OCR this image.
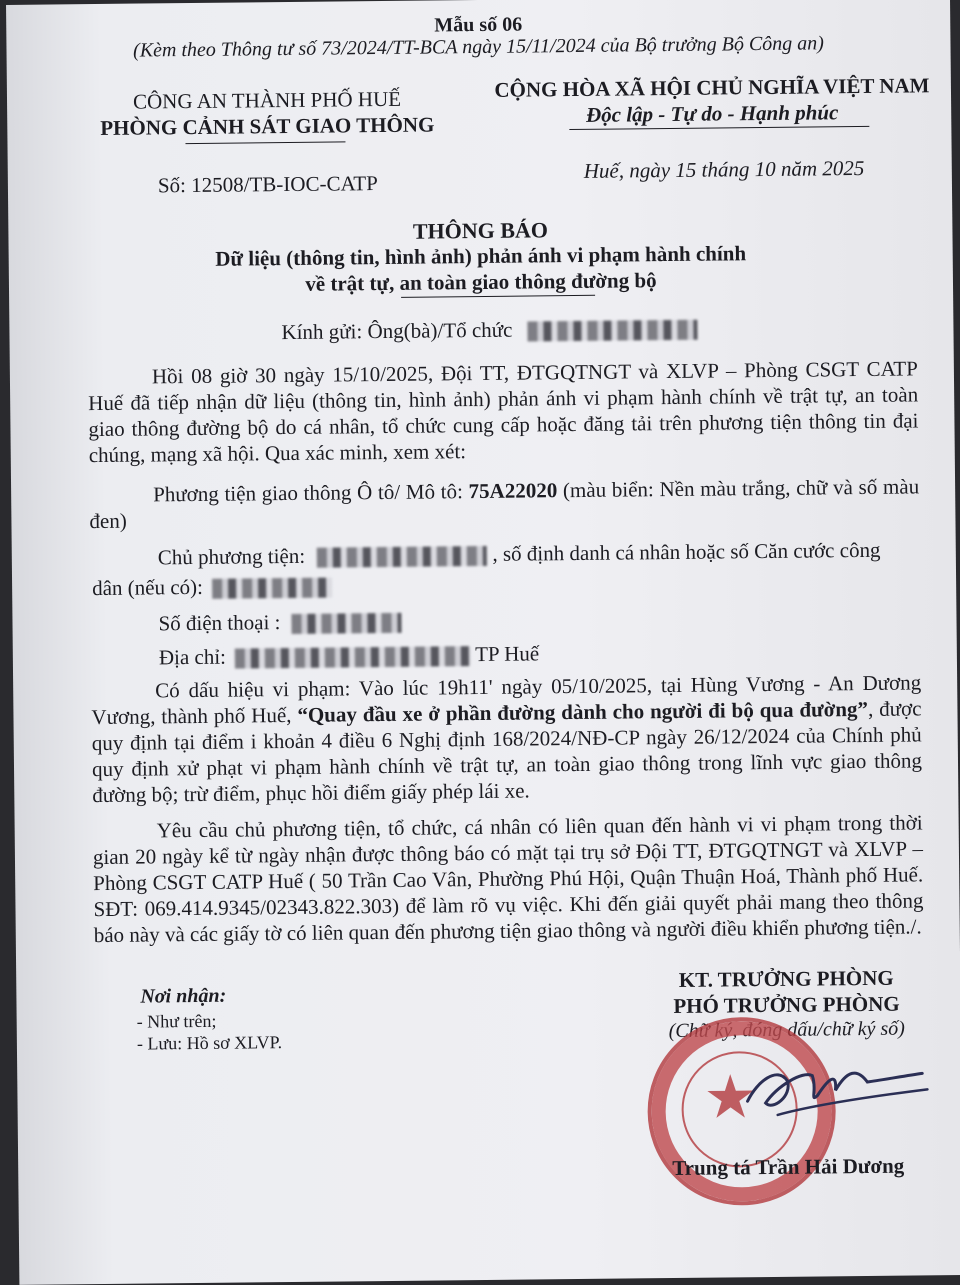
Mẫu số 06
(Kèm theo Thông tư số 73/2024/TT-BCA ngày 15/11/2024 của Bộ trưởng Bộ Công an)
CÔNG AN THÀNH PHỐ HUẾ
PHÒNG CẢNH SÁT GIAO THÔNG
CỘNG HÒA XÃ HỘI CHỦ NGHĨA VIỆT NAM
Độc lập - Tự do - Hạnh phúc
Số: 12508/TB-IOC-CATP
Huế, ngày 15 tháng 10 năm 2025
THÔNG BÁO
Dữ liệu (thông tin, hình ảnh) phản ánh vi phạm hành chính
về trật tự, an toàn giao thông đường bộ
Kính gửi: Ông(bà)/Tổ chức
Hồi 08 giờ 30 ngày 15/10/2025, Đội TT, ĐTGQTNGT và XLVP – Phòng CSGT CATP Huế đã tiếp nhận dữ liệu (thông tin, hình ảnh) phản ánh vi phạm hành chính về trật tự, an toàn giao thông đường bộ do cá nhân, tổ chức cung cấp hoặc đăng tải trên phương tiện thông tin đại chúng, mạng xã hội. Qua xác minh, xem xét:
Phương tiện giao thông Ô tô/ Mô tô: 75A22020 (màu biển: Nền màu trắng, chữ và số màu đen)
Chủ phương tiện:	, số định danh cá nhân hoặc số Căn cước công
dân (nếu có):
Số điện thoại :
Địa chỉ:	TP Huế
Có dấu hiệu vi phạm: Vào lúc 19h11' ngày 05/10/2025, tại Hùng Vương - An Dương Vương, thành phố Huế, “Quay đầu xe ở phần đường dành cho người đi bộ qua đường”, được quy định tại điểm i khoản 4 điều 6 Nghị định 168/2024/NĐ-CP ngày 26/12/2024 của Chính phủ quy định xử phạt vi phạm hành chính về trật tự, an toàn giao thông trong lĩnh vực giao thông đường bộ; trừ điểm, phục hồi điểm giấy phép lái xe.
Yêu cầu chủ phương tiện, tổ chức, cá nhân có liên quan đến hành vi vi phạm trong thời gian 20 ngày kể từ ngày nhận được thông báo có mặt tại trụ sở Đội TT, ĐTGQTNGT và XLVP – Phòng CSGT CATP Huế ( 50 Trần Cao Vân, Phường Phú Hội, Quận Thuận Hoá, Thành phố Huế. SĐT: 069.414.9345/02343.822.303) để làm rõ vụ việc. Khi đến giải quyết phải mang theo thông báo này và các giấy tờ có liên quan đến phương tiện giao thông và người điều khiển phương tiện./.
Nơi nhận:
- Như trên;
- Lưu: Hồ sơ XLVP.
KT. TRƯỞNG PHÒNG
PHÓ TRƯỞNG PHÒNG
(Chữ ký, đóng dấu/chữ ký số)
★
Trung tá Trần Hải Dương
